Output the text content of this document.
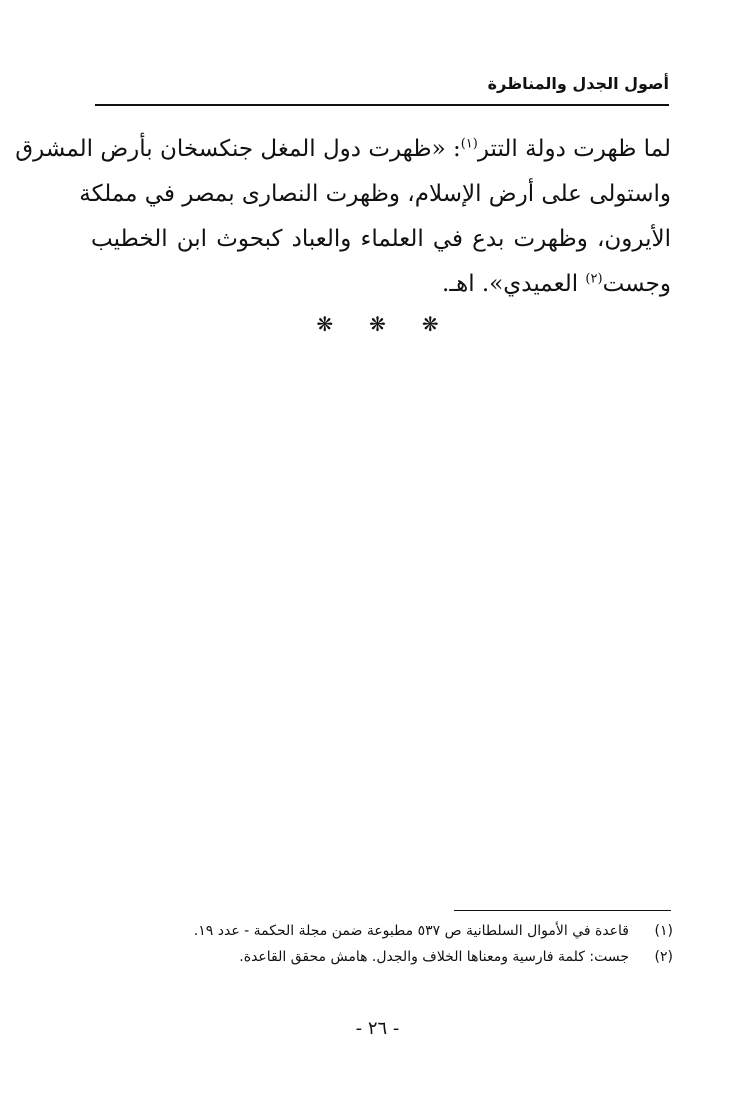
أصول الجدل والمناظرة
لما ظهرت دولة التتر$^{(١)}$: «ظهرت دول المغل جنكسخان بأرض المشرق
واستولى على أرض الإسلام، وظهرت النصارى بمصر في مملكة
الأيرون، وظهرت بدع في العلماء والعباد كبحوث ابن الخطيب
وجست$^{(٢)}$ العميدي». اهـ.
❋ ❋ ❋
(١)
قاعدة في الأموال السلطانية ص ٥٣٧ مطبوعة ضمن مجلة الحكمة - عدد ١٩.
(٢)
جست: كلمة فارسية ومعناها الخلاف والجدل. هامش محقق القاعدة.
- ٢٦ -
